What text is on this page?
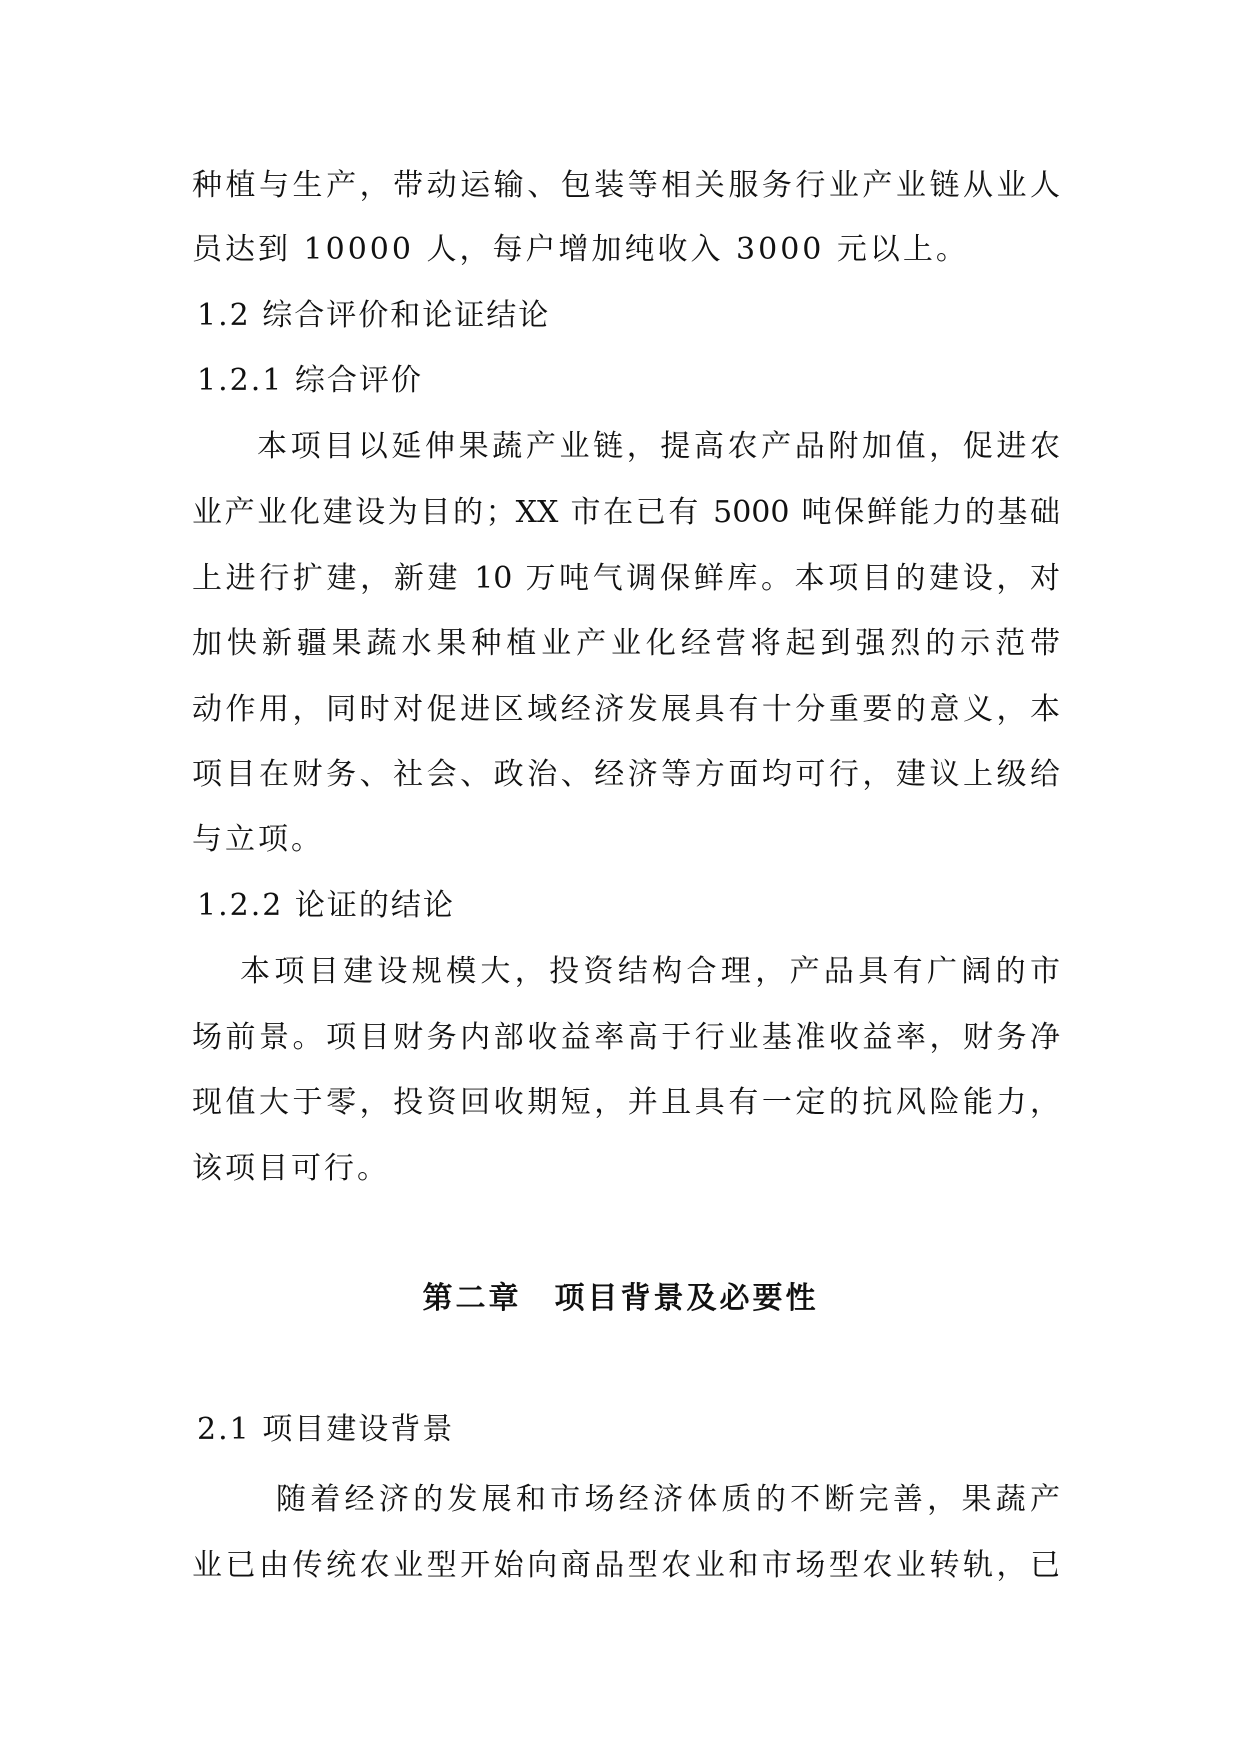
种植与生产，带动运输、包装等相关服务行业产业链从业人
员达到 10000 人，每户增加纯收入 3000 元以上。
1.2 综合评价和论证结论
1.2.1 综合评价
本项目以延伸果蔬产业链，提高农产品附加值，促进农
业产业化建设为目的；XX 市在已有 5000 吨保鲜能力的基础
上进行扩建，新建 10 万吨气调保鲜库。本项目的建设，对
加快新疆果蔬水果种植业产业化经营将起到强烈的示范带
动作用，同时对促进区域经济发展具有十分重要的意义，本
项目在财务、社会、政治、经济等方面均可行，建议上级给
与立项。
1.2.2 论证的结论
本项目建设规模大，投资结构合理，产品具有广阔的市
场前景。项目财务内部收益率高于行业基准收益率，财务净
现值大于零，投资回收期短，并且具有一定的抗风险能力，
该项目可行。
第二章　项目背景及必要性
2.1 项目建设背景
随着经济的发展和市场经济体质的不断完善，果蔬产
业已由传统农业型开始向商品型农业和市场型农业转轨，已
